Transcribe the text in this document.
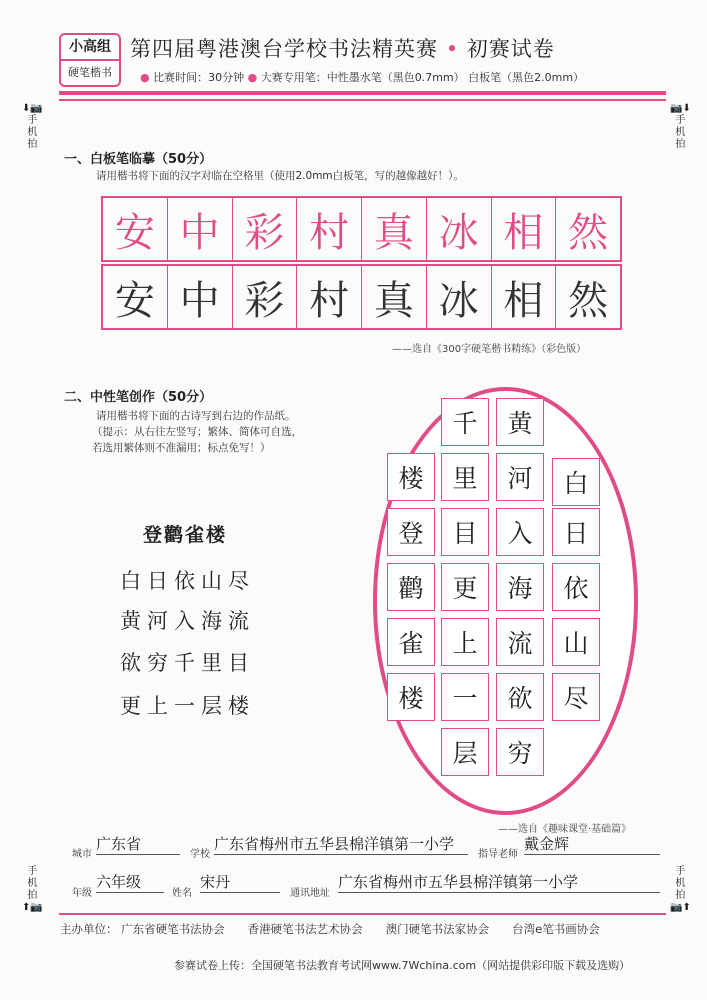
小高组
硬笔楷书
第四届粤港澳台学校书法精英赛 • 初赛试卷
● 比赛时间：30分钟 ● 大赛专用笔：中性墨水笔（黑色0.7mm） 白板笔（黑色2.0mm）
⬇📷
手
机
拍
📷⬇
手
机
拍
手
机
拍
⬆📷
手
机
拍
📷⬆
一、白板笔临摹（50分）
请用楷书将下面的汉字对临在空格里（使用2.0mm白板笔，写的越像越好！）。
安 中 彩 村 真 冰 相 然
安 中 彩 村 真 冰 相 然
——选自《300字硬笔楷书精练》（彩色版）
二、中性笔创作（50分）
请用楷书将下面的古诗写到右边的作品纸。
（提示：从右往左竖写；繁体、简体可自选，
若选用繁体则不准漏用；标点免写！）
登鹳雀楼
白日依山尽
黄河入海流
欲穷千里目
更上一层楼
白
日
依
山
尽
黄
河
入
海
流
欲
穷
千
里
目
更
上
一
层
楼
登
鹳
雀
楼
——选自《趣味课堂·基础篇》
城市
广东省
学校
广东省梅州市五华县棉洋镇第一小学
指导老师
戴金辉
年级
六年级
姓名
宋丹
通讯地址
广东省梅州市五华县棉洋镇第一小学
主办单位： 广东省硬笔书法协会　　香港硬笔书法艺术协会　　澳门硬笔书法家协会　　台湾e笔书画协会
参赛试卷上传：全国硬笔书法教育考试网www.7Wchina.com（网站提供彩印版下载及选购）
